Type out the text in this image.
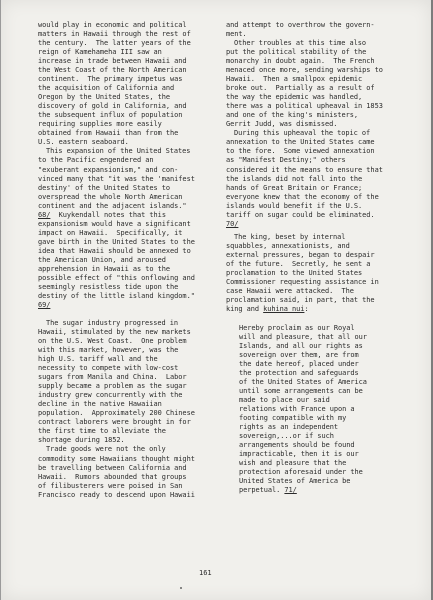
would play in economic and political
matters in Hawaii through the rest of
the century.  The latter years of the
reign of Kamehameha III saw an
increase in trade between Hawaii and
the West Coast of the North American
continent.  The primary impetus was
the acquisition of California and
Oregon by the United States, the
discovery of gold in California, and
the subsequent influx of population
requiring supplies more easily
obtained from Hawaii than from the
U.S. eastern seaboard.
This expansion of the United States
to the Pacific engendered an
"exuberant expansionism," and con-
vinced many that "it was the 'manifest
destiny' of the United States to
overspread the whole North American
continent and the adjacent islands."
68/  Kuykendall notes that this
expansionism would have a significant
impact on Hawaii.  Specifically, it
gave birth in the United States to the
idea that Hawaii should be annexed to
the American Union, and aroused
apprehension in Hawaii as to the
possible effect of "this onflowing and
seemingly resistless tide upon the
destiny of the little island kingdom."
69/
The sugar industry progressed in
Hawaii, stimulated by the new markets
on the U.S. West Coast.  One problem
with this market, however, was the
high U.S. tariff wall and the
necessity to compete with low-cost
sugars from Manila and China.  Labor
supply became a problem as the sugar
industry grew concurrently with the
decline in the native Hawaiian
population.  Approximately 200 Chinese
contract laborers were brought in for
the first time to alleviate the
shortage during 1852.
Trade goods were not the only
commodity some Hawaiians thought might
be travelling between California and
Hawaii.  Rumors abounded that groups
of filibusterers were poised in San
Francisco ready to descend upon Hawaii
and attempt to overthrow the govern-
ment.
Other troubles at this time also
put the political stability of the
monarchy in doubt again.  The French
menaced once more, sending warships to
Hawaii.  Then a smallpox epidemic
broke out.  Partially as a result of
the way the epidemic was handled,
there was a political upheaval in 1853
and one of the king's ministers,
Gerrit Judd, was dismissed.
During this upheaval the topic of
annexation to the United States came
to the fore.  Some viewed annexation
as "Manifest Destiny;" others
considered it the means to ensure that
the islands did not fall into the
hands of Great Britain or France;
everyone knew that the economy of the
islands would benefit if the U.S.
tariff on sugar could be eliminated.
70/
The king, beset by internal
squabbles, annexationists, and
external pressures, began to despair
of the future.  Secretly, he sent a
proclamation to the United States
Commissioner requesting assistance in
case Hawaii were attacked.  The
proclamation said, in part, that the
king and kuhina nui:
Hereby proclaim as our Royal
will and pleasure, that all our
Islands, and all our rights as
sovereign over them, are from
the date hereof, placed under
the protection and safeguards
of the United States of America
until some arrangements can be
made to place our said
relations with France upon a
footing compatible with my
rights as an independent
sovereign,...or if such
arrangements should be found
impracticable, then it is our
wish and pleasure that the
protection aforesaid under the
United States of America be
perpetual. 71/
161
